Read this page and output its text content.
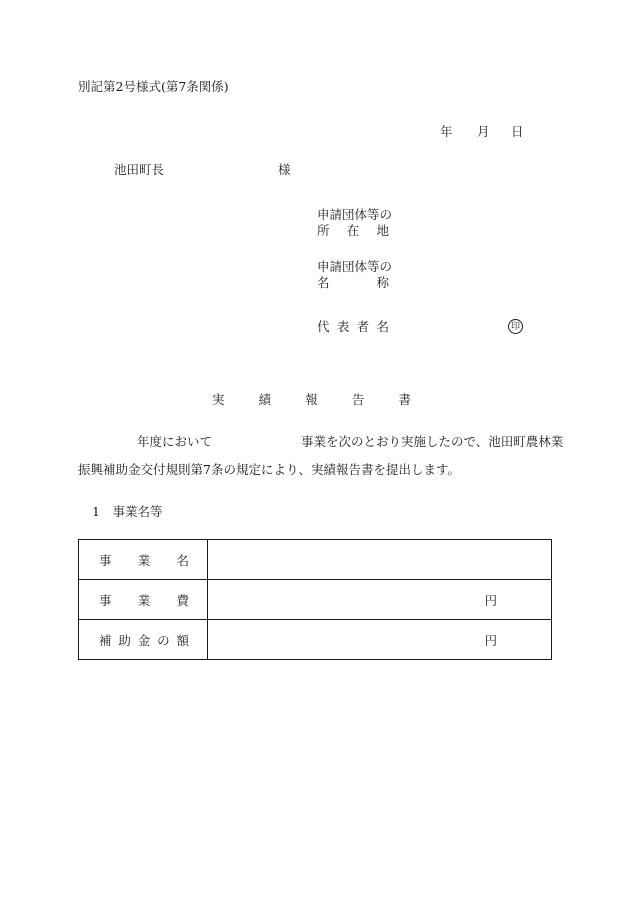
別記第2号様式(第7条関係)
年 月 日
池田町長	様
申請団体等の
所 在 地
申請団体等の
名	称
代 表 者 名	印
実	績	報	告	書
年度において	事業を次のとおり実施したので、池田町農林業
振興補助金交付規則第7条の規定により、実績報告書を提出します。
1　事業名等
事 業 名	

事 業 費	円

補 助 金 の 額	円
